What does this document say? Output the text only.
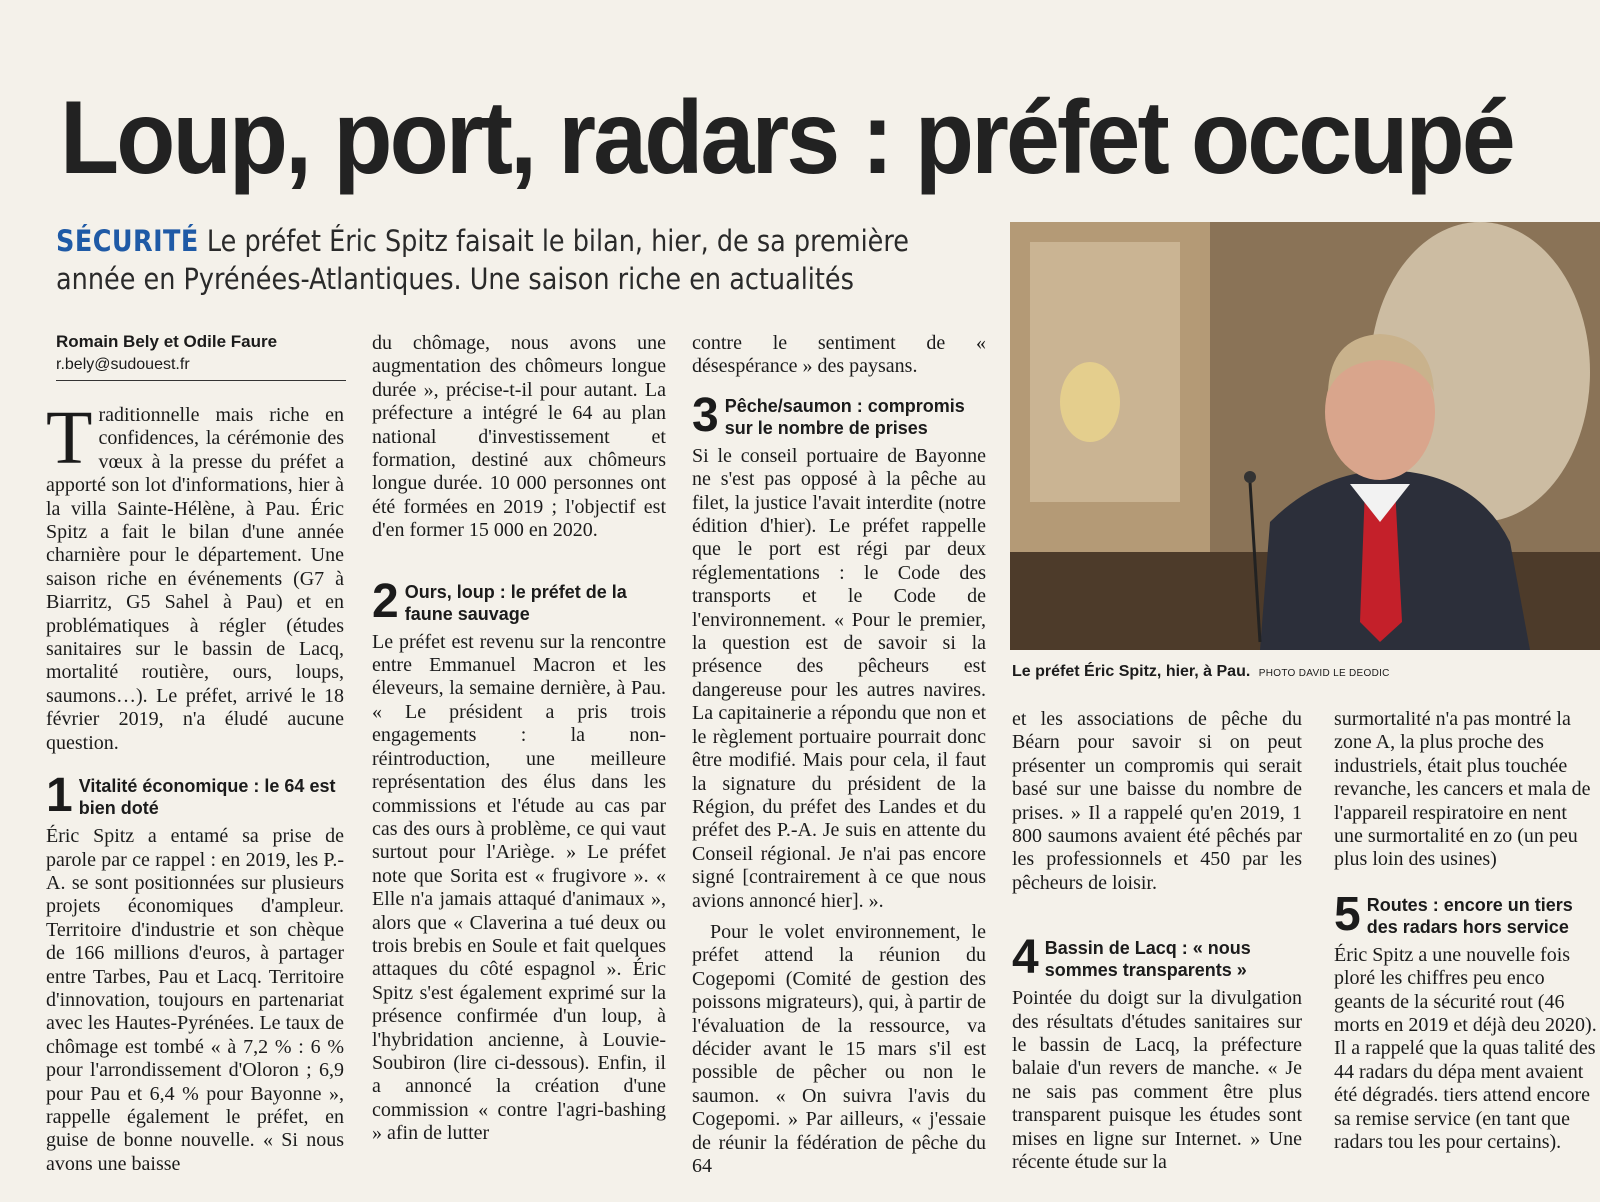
Loup, port, radars : préfet occupé
SÉCURITÉ Le préfet Éric Spitz faisait le bilan, hier, de sa première année en Pyrénées-Atlantiques. Une saison riche en actualités
Romain Bely et Odile Faure
r.bely@sudouest.fr

T raditionnelle mais riche en confidences, la cérémonie des vœux à la presse du préfet a apporté son lot d'informations, hier à la villa Sainte-Hélène, à Pau. Éric Spitz a fait le bilan d'une année charnière pour le département. Une saison riche en événements (G7 à Biarritz, G5 Sahel à Pau) et en problématiques à régler (études sanitaires sur le bassin de Lacq, mortalité routière, ours, loups, saumons…). Le préfet, arrivé le 18 février 2019, n'a éludé aucune question.

1 Vitalité économique : le 64 est bien doté

Éric Spitz a entamé sa prise de parole par ce rappel : en 2019, les P.-A. se sont positionnées sur plusieurs projets économiques d'ampleur. Territoire d'industrie et son chèque de 166 millions d'euros, à partager entre Tarbes, Pau et Lacq. Territoire d'innovation, toujours en partenariat avec les Hautes-Pyrénées. Le taux de chômage est tombé « à 7,2 % : 6 % pour l'arrondissement d'Oloron ; 6,9 pour Pau et 6,4 % pour Bayonne », rappelle également le préfet, en guise de bonne nouvelle. « Si nous avons une baisse

du chômage, nous avons une augmentation des chômeurs longue durée », précise-t-il pour autant. La préfecture a intégré le 64 au plan national d'investissement et formation, destiné aux chômeurs longue durée. 10 000 personnes ont été formées en 2019 ; l'objectif est d'en former 15 000 en 2020.

2 Ours, loup : le préfet de la faune sauvage

Le préfet est revenu sur la rencontre entre Emmanuel Macron et les éleveurs, la semaine dernière, à Pau. « Le président a pris trois engagements : la non-réintroduction, une meilleure représentation des élus dans les commissions et l'étude au cas par cas des ours à problème, ce qui vaut surtout pour l'Ariège. » Le préfet note que Sorita est « frugivore ». « Elle n'a jamais attaqué d'animaux », alors que « Claverina a tué deux ou trois brebis en Soule et fait quelques attaques du côté espagnol ». Éric Spitz s'est également exprimé sur la présence confirmée d'un loup, à l'hybridation ancienne, à Louvie-Soubiron (lire ci-dessous). Enfin, il a annoncé la création d'une commission « contre l'agri-bashing » afin de lutter

contre le sentiment de « désespérance » des paysans.

3 Pêche/saumon : compromis sur le nombre de prises

Si le conseil portuaire de Bayonne ne s'est pas opposé à la pêche au filet, la justice l'avait interdite (notre édition d'hier). Le préfet rappelle que le port est régi par deux réglementations : le Code des transports et le Code de l'environnement. « Pour le premier, la question est de savoir si la présence des pêcheurs est dangereuse pour les autres navires. La capitainerie a répondu que non et le règlement portuaire pourrait donc être modifié. Mais pour cela, il faut la signature du président de la Région, du préfet des Landes et du préfet des P.-A. Je suis en attente du Conseil régional. Je n'ai pas encore signé [contrairement à ce que nous avions annoncé hier]. ».

Pour le volet environnement, le préfet attend la réunion du Cogepomi (Comité de gestion des poissons migrateurs), qui, à partir de l'évaluation de la ressource, va décider avant le 15 mars s'il est possible de pêcher ou non le saumon. « On suivra l'avis du Cogepomi. » Par ailleurs, « j'essaie de réunir la fédération de pêche du 64

Le préfet Éric Spitz, hier, à Pau. PHOTO DAVID LE DEODIC

et les associations de pêche du Béarn pour savoir si on peut présenter un compromis qui serait basé sur une baisse du nombre de prises. » Il a rappelé qu'en 2019, 1 800 saumons avaient été pêchés par les professionnels et 450 par les pêcheurs de loisir.

4 Bassin de Lacq : « nous sommes transparents »

Pointée du doigt sur la divulgation des résultats d'études sanitaires sur le bassin de Lacq, la préfecture balaie d'un revers de manche. « Je ne sais pas comment être plus transparent puisque les études sont mises en ligne sur Internet. » Une récente étude sur la

surmortalité n'a pas montré la zone A, la plus proche des industriels, était plus touchée revanche, les cancers et mala de l'appareil respiratoire en nent une surmortalité en zo (un peu plus loin des usines)

5 Routes : encore un tiers des radars hors service

Éric Spitz a une nouvelle fois ploré les chiffres peu enco geants de la sécurité rout (46 morts en 2019 et déjà deu 2020). Il a rappelé que la quas talité des 44 radars du dépa ment avaient été dégradés. tiers attend encore sa remise service (en tant que radars tou les pour certains).
